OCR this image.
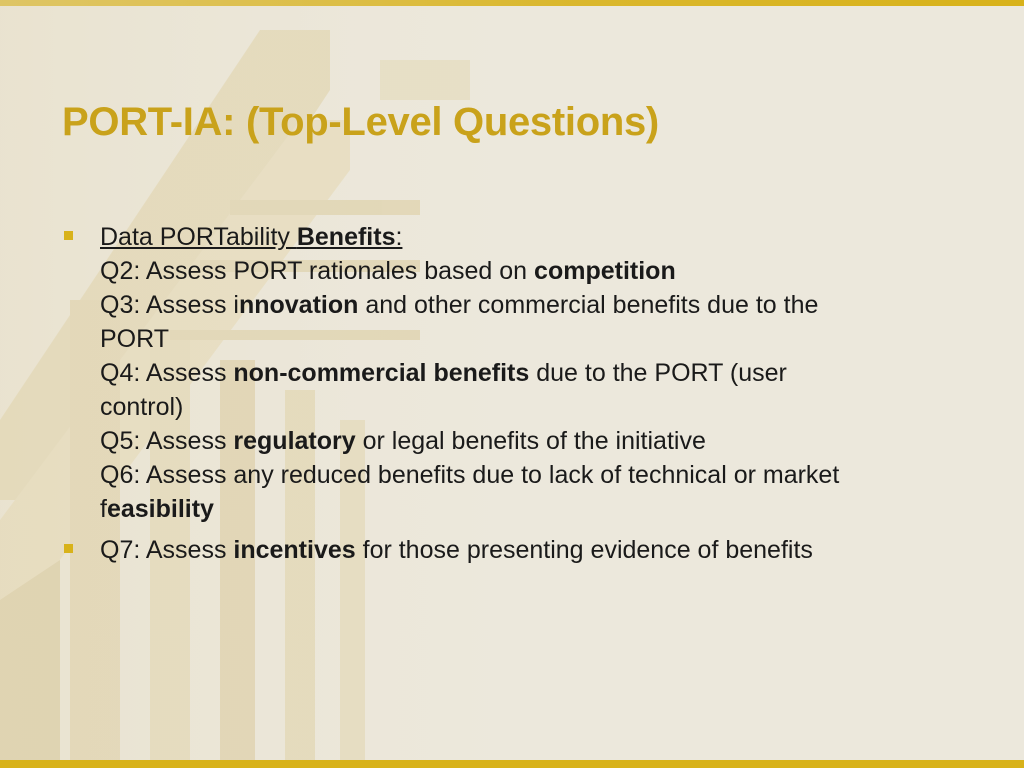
PORT-IA: (Top-Level Questions)
Data PORTability Benefits:
Q2: Assess PORT rationales based on competition
Q3: Assess innovation and other commercial benefits due to the
PORT
Q4: Assess non-commercial benefits due to the PORT (user
control)
Q5: Assess regulatory or legal benefits of the initiative
Q6: Assess any reduced benefits due to lack of technical or market
feasibility
Q7: Assess incentives for those presenting evidence of benefits
